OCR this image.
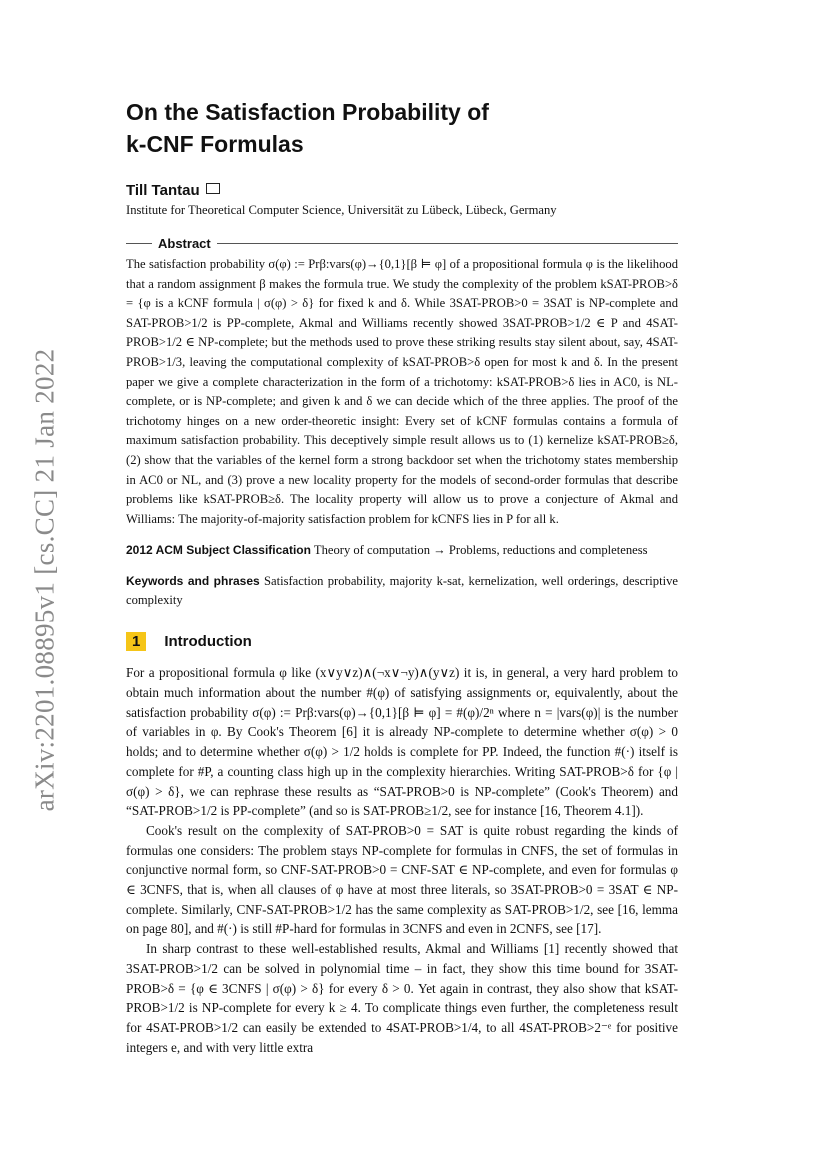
arXiv:2201.08895v1 [cs.CC] 21 Jan 2022
On the Satisfaction Probability of
k-CNF Formulas
Till Tantau
Institute for Theoretical Computer Science, Universität zu Lübeck, Lübeck, Germany
Abstract

The satisfaction probability σ(φ) := Prβ:vars(φ)→{0,1}[β ⊨ φ] of a propositional formula φ is the likelihood that a random assignment β makes the formula true. We study the complexity of the problem kSAT-PROB>δ = {φ is a kCNF formula | σ(φ) > δ} for fixed k and δ. While 3SAT-PROB>0 = 3SAT is NP-complete and SAT-PROB>1/2 is PP-complete, Akmal and Williams recently showed 3SAT-PROB>1/2 ∈ P and 4SAT-PROB>1/2 ∈ NP-complete; but the methods used to prove these striking results stay silent about, say, 4SAT-PROB>1/3, leaving the computational complexity of kSAT-PROB>δ open for most k and δ. In the present paper we give a complete characterization in the form of a trichotomy: kSAT-PROB>δ lies in AC0, is NL-complete, or is NP-complete; and given k and δ we can decide which of the three applies. The proof of the trichotomy hinges on a new order-theoretic insight: Every set of kCNF formulas contains a formula of maximum satisfaction probability. This deceptively simple result allows us to (1) kernelize kSAT-PROB≥δ, (2) show that the variables of the kernel form a strong backdoor set when the trichotomy states membership in AC0 or NL, and (3) prove a new locality property for the models of second-order formulas that describe problems like kSAT-PROB≥δ. The locality property will allow us to prove a conjecture of Akmal and Williams: The majority-of-majority satisfaction problem for kCNFS lies in P for all k.

2012 ACM Subject Classification Theory of computation → Problems, reductions and completeness
Keywords and phrases Satisfaction probability, majority k-sat, kernelization, well orderings, descriptive complexity
1	Introduction

For a propositional formula φ like (x∨y∨z)∧(¬x∨¬y)∧(y∨z) it is, in general, a very hard problem to obtain much information about the number #(φ) of satisfying assignments or, equivalently, about the satisfaction probability σ(φ) := Prβ:vars(φ)→{0,1}[β ⊨ φ] = #(φ)/2ⁿ where n = |vars(φ)| is the number of variables in φ. By Cook's Theorem [6] it is already NP-complete to determine whether σ(φ) > 0 holds; and to determine whether σ(φ) > 1/2 holds is complete for PP. Indeed, the function #(·) itself is complete for #P, a counting class high up in the complexity hierarchies. Writing SAT-PROB>δ for {φ | σ(φ) > δ}, we can rephrase these results as “SAT-PROB>0 is NP-complete” (Cook's Theorem) and “SAT-PROB>1/2 is PP-complete” (and so is SAT-PROB≥1/2, see for instance [16, Theorem 4.1]).

Cook's result on the complexity of SAT-PROB>0 = SAT is quite robust regarding the kinds of formulas one considers: The problem stays NP-complete for formulas in CNFS, the set of formulas in conjunctive normal form, so CNF-SAT-PROB>0 = CNF-SAT ∈ NP-complete, and even for formulas φ ∈ 3CNFS, that is, when all clauses of φ have at most three literals, so 3SAT-PROB>0 = 3SAT ∈ NP-complete. Similarly, CNF-SAT-PROB>1/2 has the same complexity as SAT-PROB>1/2, see [16, lemma on page 80], and #(·) is still #P-hard for formulas in 3CNFS and even in 2CNFS, see [17].

In sharp contrast to these well-established results, Akmal and Williams [1] recently showed that 3SAT-PROB>1/2 can be solved in polynomial time – in fact, they show this time bound for 3SAT-PROB>δ = {φ ∈ 3CNFS | σ(φ) > δ} for every δ > 0. Yet again in contrast, they also show that kSAT-PROB>1/2 is NP-complete for every k ≥ 4. To complicate things even further, the completeness result for 4SAT-PROB>1/2 can easily be extended to 4SAT-PROB>1/4, to all 4SAT-PROB>2⁻ᵉ for positive integers e, and with very little extra
